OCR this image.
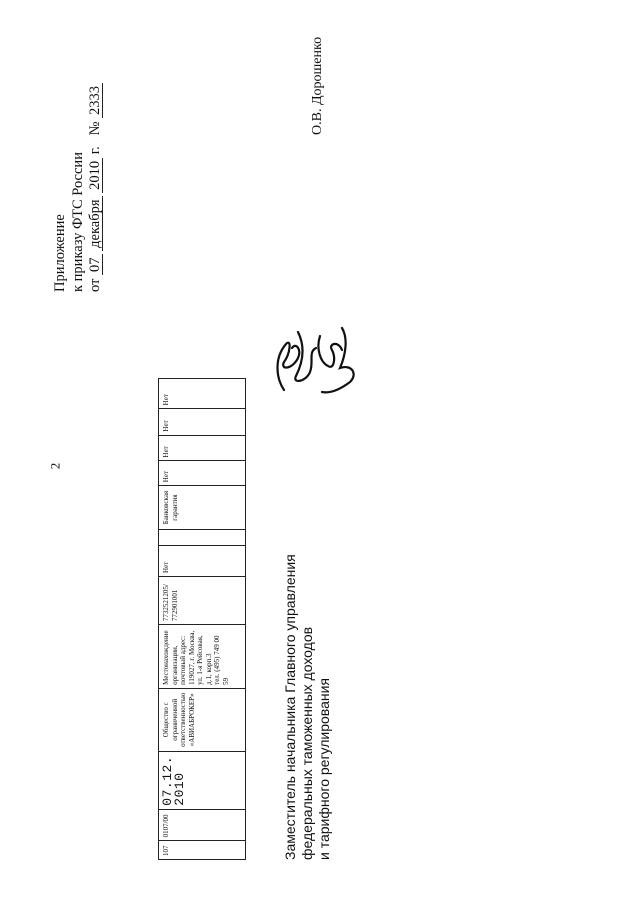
2
Приложение к приказу ФТС России от 07 декабря 2010 г.   № 2333
107	0107/00	07.12.
2010	Общество с ограниченной ответственностью «АВИАБРОКЕР»	Местонахождение организации, почтовый адрес: 119027, г. Москва, ул. 1-я Рейсовая, д.1, корп.3
тел. (495) 749 00 59	7732521205/ 772901001	Нет		Банковская гарантия	Нет	Нет	Нет	Нет
Заместитель начальника Главного управления федеральных таможенных доходов и тарифного регулирования
О.В. Дорошенко
